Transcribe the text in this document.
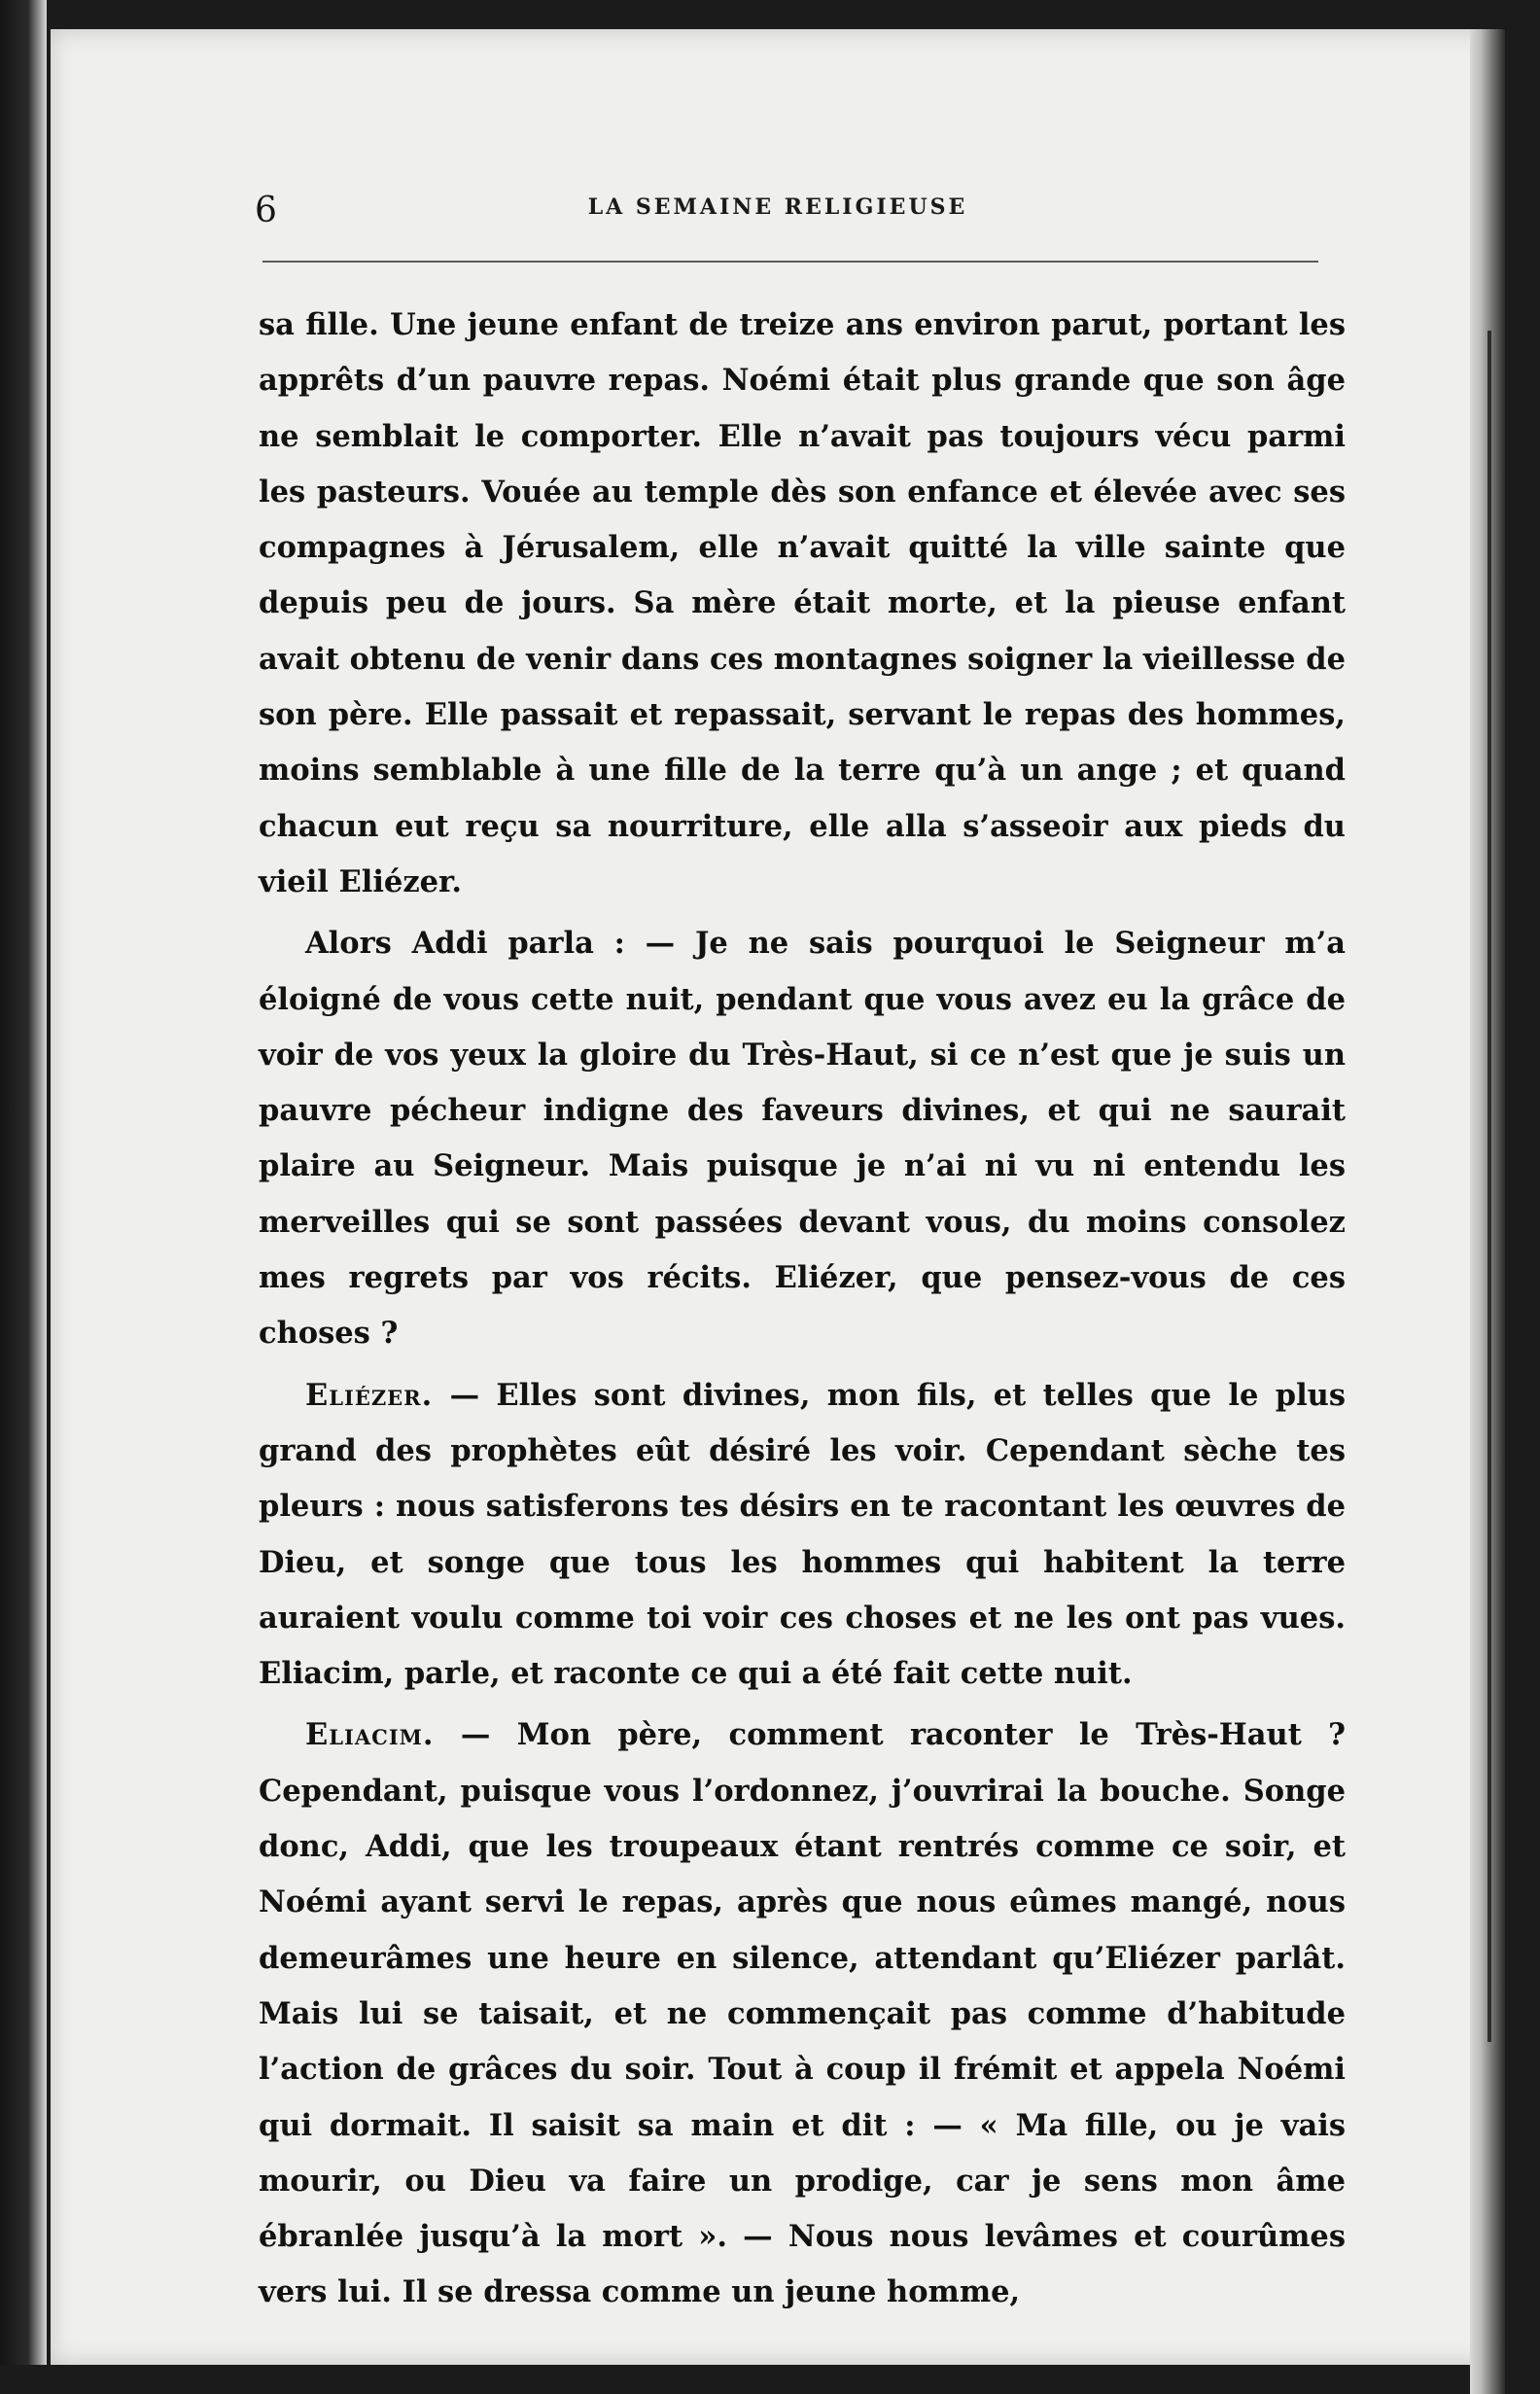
6	LA SEMAINE RELIGIEUSE

sa fille. Une jeune enfant de treize ans environ parut, portant les apprêts d’un pauvre repas. Noémi était plus grande que son âge ne semblait le comporter. Elle n’avait pas toujours vécu parmi les pasteurs. Vouée au temple dès son enfance et élevée avec ses compagnes à Jérusalem, elle n’avait quitté la ville sainte que depuis peu de jours. Sa mère était morte, et la pieuse enfant avait obtenu de venir dans ces montagnes soigner la vieillesse de son père. Elle passait et repassait, servant le repas des hommes, moins semblable à une fille de la terre qu’à un ange ; et quand chacun eut reçu sa nourriture, elle alla s’asseoir aux pieds du vieil Eliézer.

Alors Addi parla : — Je ne sais pourquoi le Seigneur m’a éloigné de vous cette nuit, pendant que vous avez eu la grâce de voir de vos yeux la gloire du Très-Haut, si ce n’est que je suis un pauvre pécheur indigne des faveurs divines, et qui ne saurait plaire au Seigneur. Mais puisque je n’ai ni vu ni entendu les merveilles qui se sont passées devant vous, du moins consolez mes regrets par vos récits. Eliézer, que pensez-vous de ces choses ?

Eliézer. — Elles sont divines, mon fils, et telles que le plus grand des prophètes eût désiré les voir. Cependant sèche tes pleurs : nous satisferons tes désirs en te racontant les œuvres de Dieu, et songe que tous les hommes qui habitent la terre auraient voulu comme toi voir ces choses et ne les ont pas vues. Eliacim, parle, et raconte ce qui a été fait cette nuit.

Eliacim. — Mon père, comment raconter le Très-Haut ? Cependant, puisque vous l’ordonnez, j’ouvrirai la bouche. Songe donc, Addi, que les troupeaux étant rentrés comme ce soir, et Noémi ayant servi le repas, après que nous eûmes mangé, nous demeurâmes une heure en silence, attendant qu’Eliézer parlât. Mais lui se taisait, et ne commençait pas comme d’habitude l’action de grâces du soir. Tout à coup il frémit et appela Noémi qui dormait. Il saisit sa main et dit : — « Ma fille, ou je vais mourir, ou Dieu va faire un prodige, car je sens mon âme ébranlée jusqu’à la mort ». — Nous nous levâmes et courûmes vers lui. Il se dressa comme un jeune homme,
